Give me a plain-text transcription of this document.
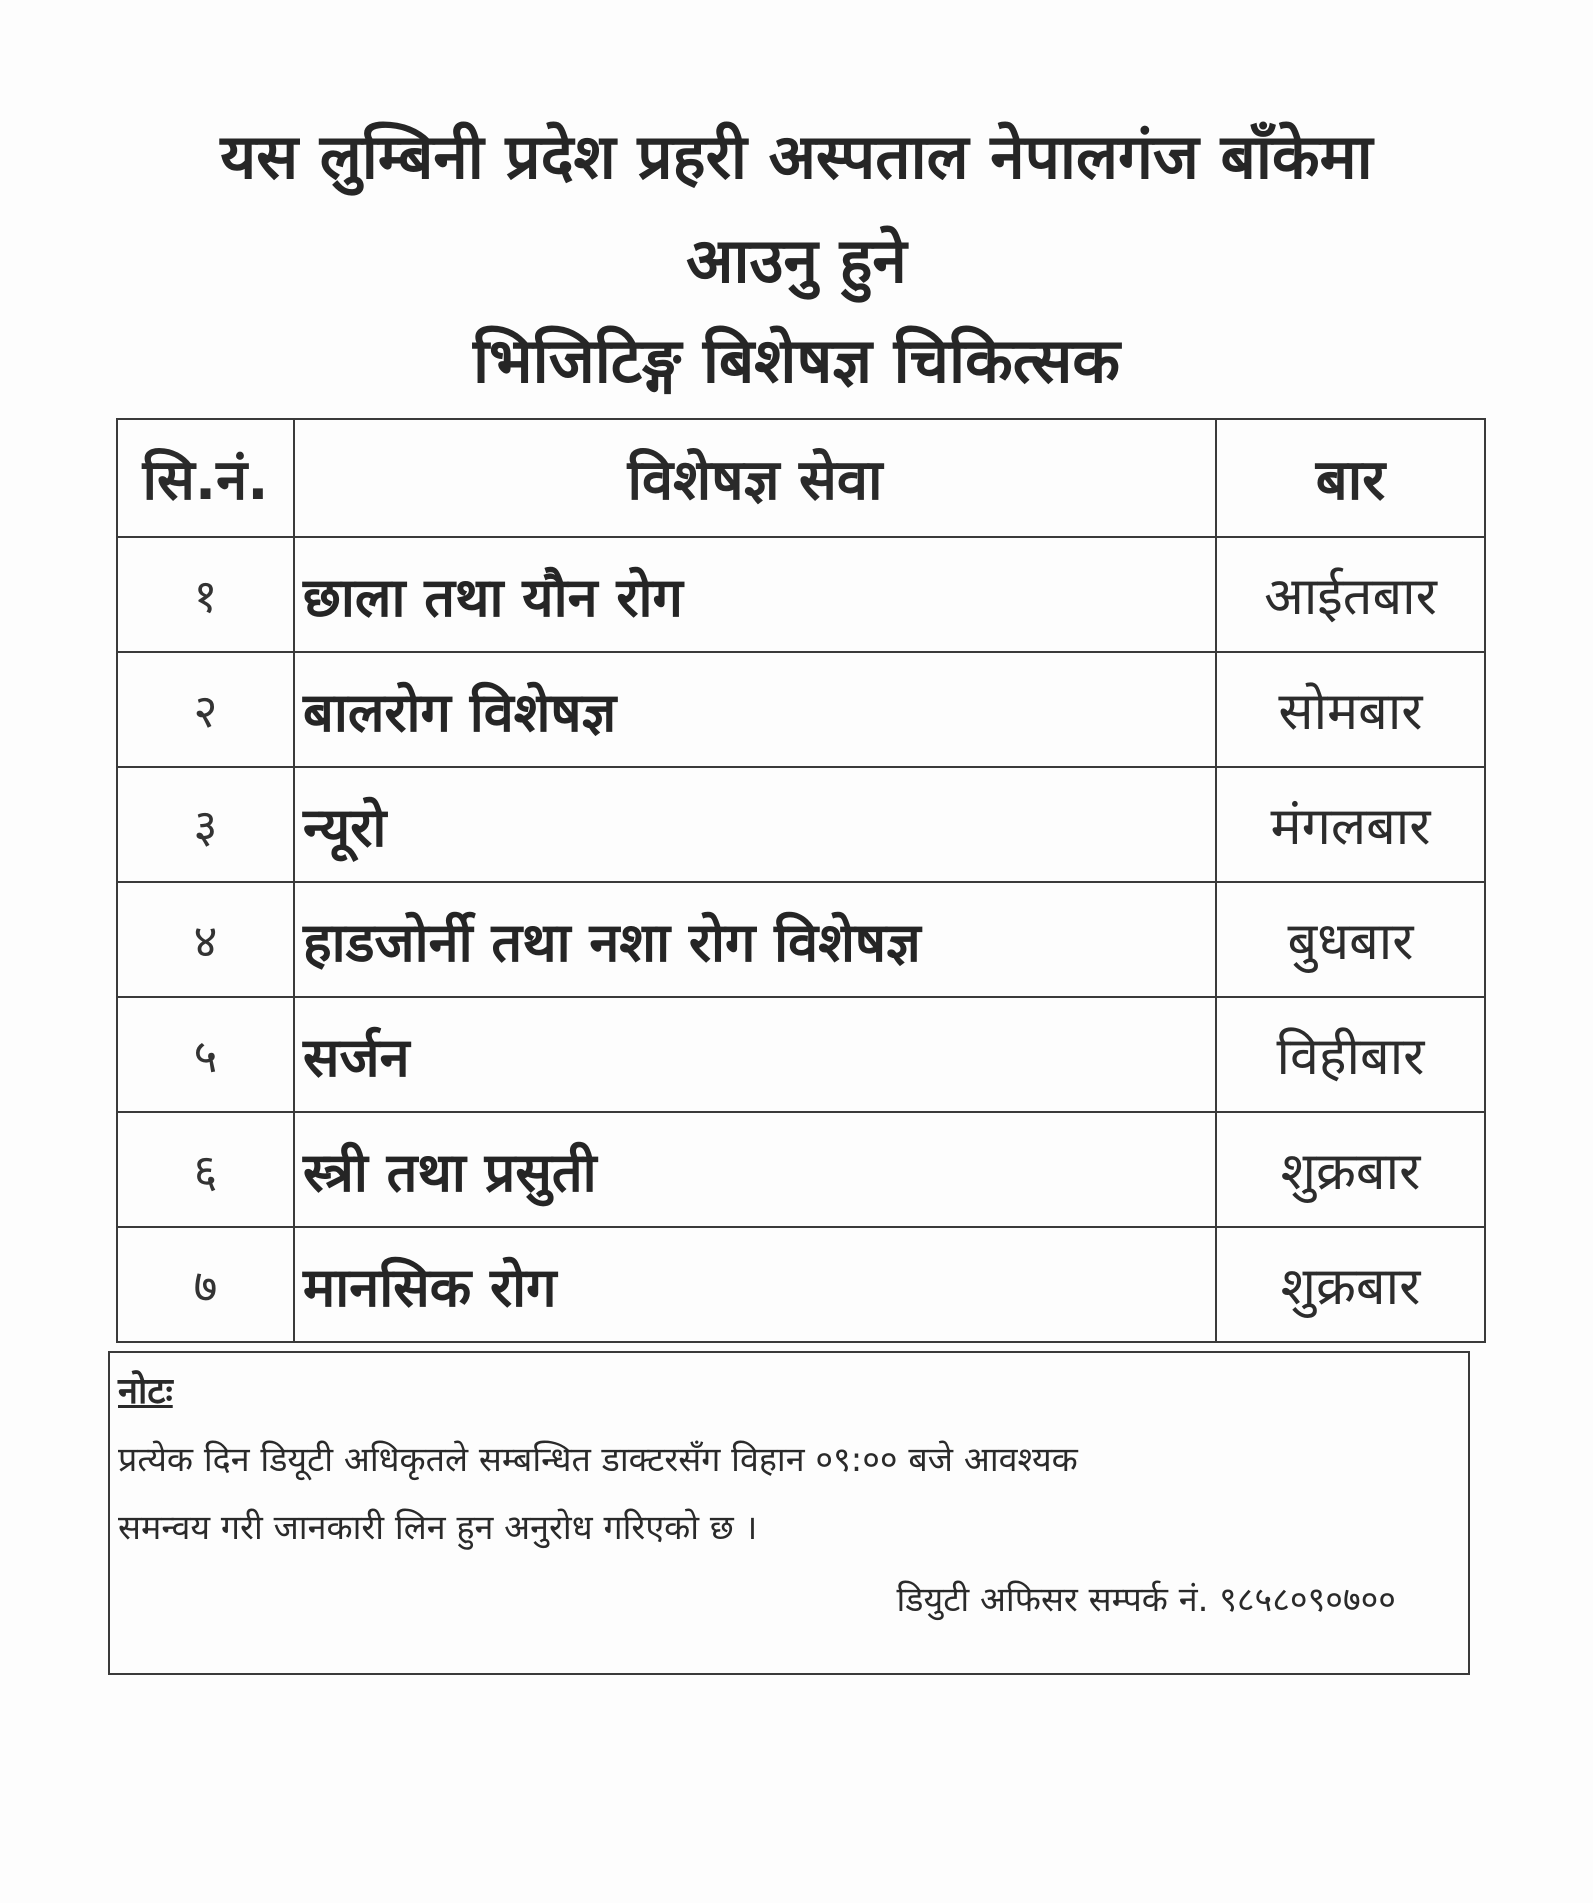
यस लुम्बिनी प्रदेश प्रहरी अस्पताल नेपालगंज बाँकेमा
आउनु हुने
भिजिटिङ्ग बिशेषज्ञ चिकित्सक
सि.नं.	विशेषज्ञ सेवा	बार
१	छाला तथा यौन रोग	आईतबार
२	बालरोग विशेषज्ञ	सोमबार
३	न्यूरो	मंगलबार
४	हाडजोर्नी तथा नशा रोग विशेषज्ञ	बुधबार
५	सर्जन	विहीबार
६	स्त्री तथा प्रसुती	शुक्रबार
७	मानसिक रोग	शुक्रबार
नोटः
प्रत्येक दिन डियूटी अधिकृतले सम्बन्धित डाक्टरसँग विहान ०९:०० बजे आवश्यक
समन्वय गरी जानकारी लिन हुन अनुरोध गरिएको छ ।
डियुटी अफिसर सम्पर्क नं. ९८५८०९०७००
